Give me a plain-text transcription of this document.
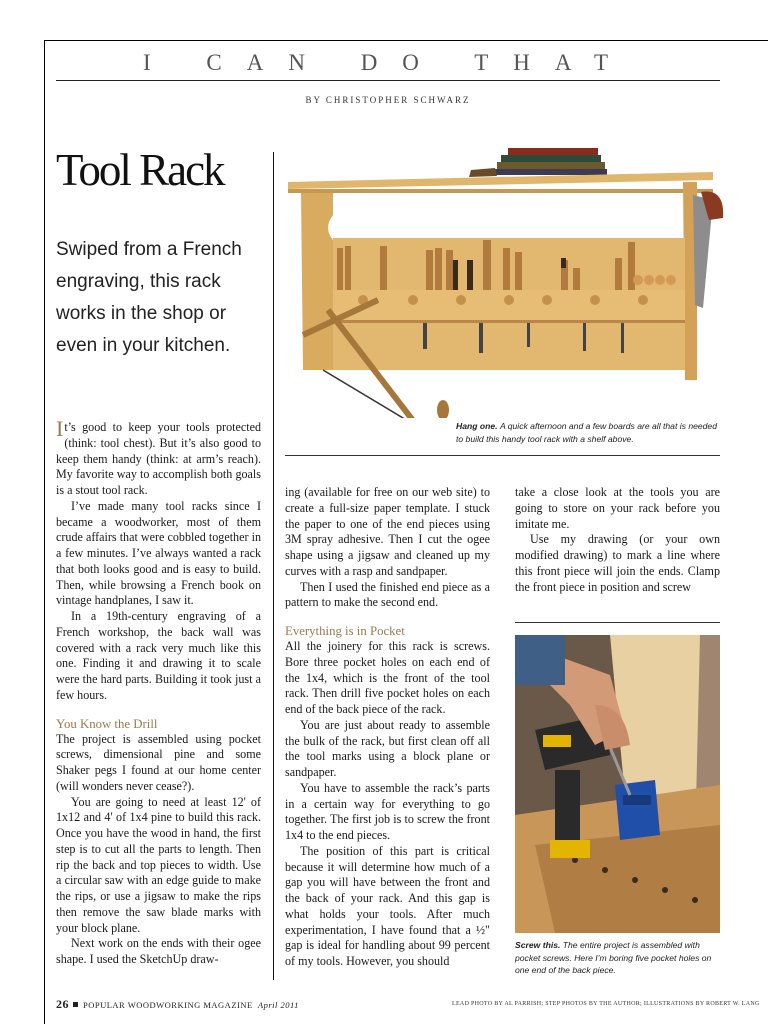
I CAN DO THAT
BY CHRISTOPHER SCHWARZ
Tool Rack
Swiped from a French engraving, this rack works in the shop or even in your kitchen.
Hang one. A quick afternoon and a few boards are all that is needed to build this handy tool rack with a shelf above.

It’s good to keep your tools protected (think: tool chest). But it’s also good to keep them handy (think: at arm’s reach). My favorite way to accomplish both goals is a stout tool rack.

I’ve made many tool racks since I became a woodworker, most of them crude affairs that were cobbled together in a few minutes. I’ve always wanted a rack that both looks good and is easy to build. Then, while browsing a French book on vintage handplanes, I saw it.

In a 19th-century engraving of a French workshop, the back wall was covered with a rack very much like this one. Finding it and drawing it to scale were the hard parts. Building it took just a few hours.

You Know the Drill

The project is assembled using pocket screws, dimensional pine and some Shaker pegs I found at our home center (will wonders never cease?).

You are going to need at least 12' of 1x12 and 4' of 1x4 pine to build this rack. Once you have the wood in hand, the first step is to cut all the parts to length. Then rip the back and top pieces to width. Use a circular saw with an edge guide to make the rips, or use a jigsaw to make the rips then remove the saw blade marks with your block plane.

Next work on the ends with their ogee shape. I used the SketchUp draw-

ing (available for free on our web site) to create a full-size paper template. I stuck the paper to one of the end pieces using 3M spray adhesive. Then I cut the ogee shape using a jigsaw and cleaned up my curves with a rasp and sandpaper.

Then I used the finished end piece as a pattern to make the second end.

Everything is in Pocket

All the joinery for this rack is screws. Bore three pocket holes on each end of the 1x4, which is the front of the tool rack. Then drill five pocket holes on each end of the back piece of the rack.

You are just about ready to assemble the bulk of the rack, but first clean off all the tool marks using a block plane or sandpaper.

You have to assemble the rack’s parts in a certain way for everything to go together. The first job is to screw the front 1x4 to the end pieces.

The position of this part is critical because it will determine how much of a gap you will have between the front and the back of your rack. And this gap is what holds your tools. After much experimentation, I have found that a ½" gap is ideal for handling about 99 percent of my tools. However, you should

take a close look at the tools you are going to store on your rack before you imitate me.

Use my drawing (or your own modified drawing) to mark a line where this front piece will join the ends. Clamp the front piece in position and screw

Screw this. The entire project is assembled with pocket screws. Here I’m boring five pocket holes on one end of the back piece.
26 POPULAR WOODWORKING MAGAZINE April 2011	LEAD PHOTO BY AL PARRISH; STEP PHOTOS BY THE AUTHOR; ILLUSTRATIONS BY ROBERT W. LANG
